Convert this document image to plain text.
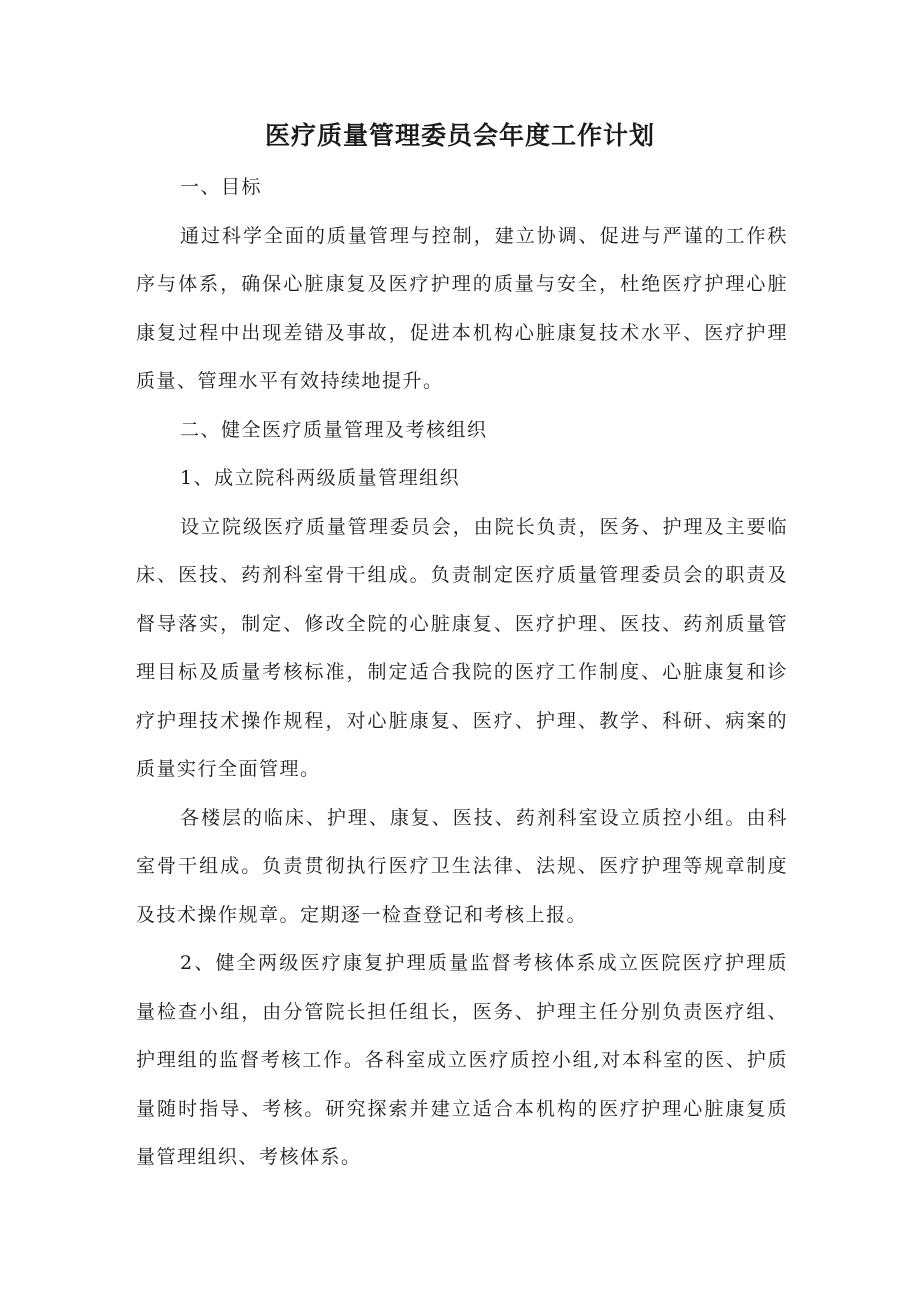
医疗质量管理委员会年度工作计划

一、目标

通过科学全面的质量管理与控制，建立协调、促进与严谨的工作秩序与体系，确保心脏康复及医疗护理的质量与安全，杜绝医疗护理心脏康复过程中出现差错及事故，促进本机构心脏康复技术水平、医疗护理质量、管理水平有效持续地提升。

二、健全医疗质量管理及考核组织

1、成立院科两级质量管理组织

设立院级医疗质量管理委员会，由院长负责，医务、护理及主要临床、医技、药剂科室骨干组成。负责制定医疗质量管理委员会的职责及督导落实，制定、修改全院的心脏康复、医疗护理、医技、药剂质量管理目标及质量考核标准，制定适合我院的医疗工作制度、心脏康复和诊疗护理技术操作规程，对心脏康复、医疗、护理、教学、科研、病案的质量实行全面管理。

各楼层的临床、护理、康复、医技、药剂科室设立质控小组。由科室骨干组成。负责贯彻执行医疗卫生法律、法规、医疗护理等规章制度及技术操作规章。定期逐一检查登记和考核上报。

2、健全两级医疗康复护理质量监督考核体系成立医院医疗护理质量检查小组，由分管院长担任组长，医务、护理主任分别负责医疗组、护理组的监督考核工作。各科室成立医疗质控小组,对本科室的医、护质量随时指导、考核。研究探索并建立适合本机构的医疗护理心脏康复质量管理组织、考核体系。
